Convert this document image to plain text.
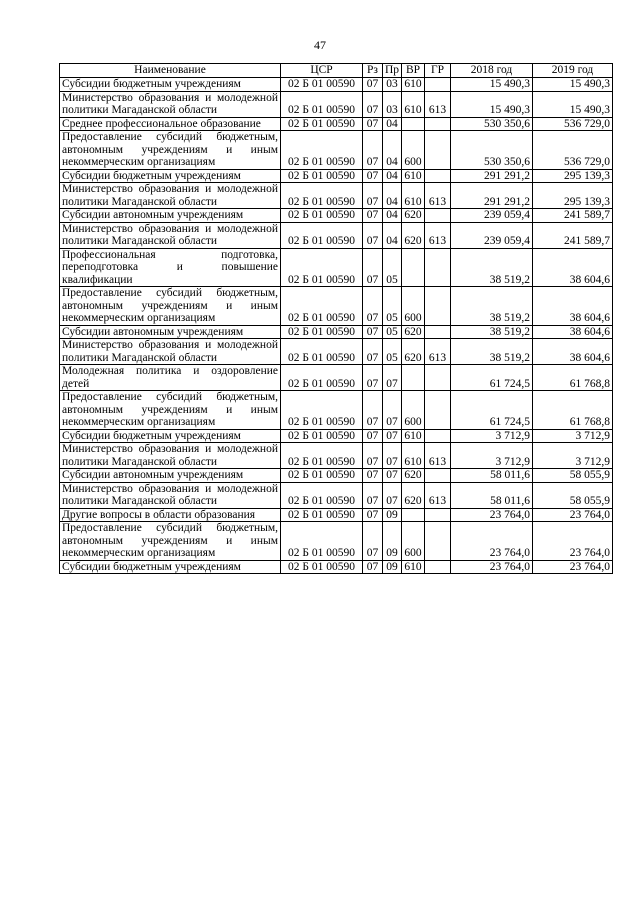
47
Наименование	ЦСР	Рз	Пр	ВР	ГР	2018 год	2019 год
Субсидии бюджетным учреждениям	02 Б 01 00590	07	03	610		15 490,3	15 490,3
Министерство образования и молодежной политики Магаданской области	02 Б 01 00590	07	03	610	613	15 490,3	15 490,3
Среднее профессиональное образование	02 Б 01 00590	07	04			530 350,6	536 729,0
Предоставление субсидий бюджетным, автономным учреждениям и иным некоммерческим организациям	02 Б 01 00590	07	04	600		530 350,6	536 729,0
Субсидии бюджетным учреждениям	02 Б 01 00590	07	04	610		291 291,2	295 139,3
Министерство образования и молодежной политики Магаданской области	02 Б 01 00590	07	04	610	613	291 291,2	295 139,3
Субсидии автономным учреждениям	02 Б 01 00590	07	04	620		239 059,4	241 589,7
Министерство образования и молодежной политики Магаданской области	02 Б 01 00590	07	04	620	613	239 059,4	241 589,7
Профессиональная подготовка, переподготовка и повышение квалификации	02 Б 01 00590	07	05			38 519,2	38 604,6
Предоставление субсидий бюджетным, автономным учреждениям и иным некоммерческим организациям	02 Б 01 00590	07	05	600		38 519,2	38 604,6
Субсидии автономным учреждениям	02 Б 01 00590	07	05	620		38 519,2	38 604,6
Министерство образования и молодежной политики Магаданской области	02 Б 01 00590	07	05	620	613	38 519,2	38 604,6
Молодежная политика и оздоровление детей	02 Б 01 00590	07	07			61 724,5	61 768,8
Предоставление субсидий бюджетным, автономным учреждениям и иным некоммерческим организациям	02 Б 01 00590	07	07	600		61 724,5	61 768,8
Субсидии бюджетным учреждениям	02 Б 01 00590	07	07	610		3 712,9	3 712,9
Министерство образования и молодежной политики Магаданской области	02 Б 01 00590	07	07	610	613	3 712,9	3 712,9
Субсидии автономным учреждениям	02 Б 01 00590	07	07	620		58 011,6	58 055,9
Министерство образования и молодежной политики Магаданской области	02 Б 01 00590	07	07	620	613	58 011,6	58 055,9
Другие вопросы в области образования	02 Б 01 00590	07	09			23 764,0	23 764,0
Предоставление субсидий бюджетным, автономным учреждениям и иным некоммерческим организациям	02 Б 01 00590	07	09	600		23 764,0	23 764,0
Субсидии бюджетным учреждениям	02 Б 01 00590	07	09	610		23 764,0	23 764,0
